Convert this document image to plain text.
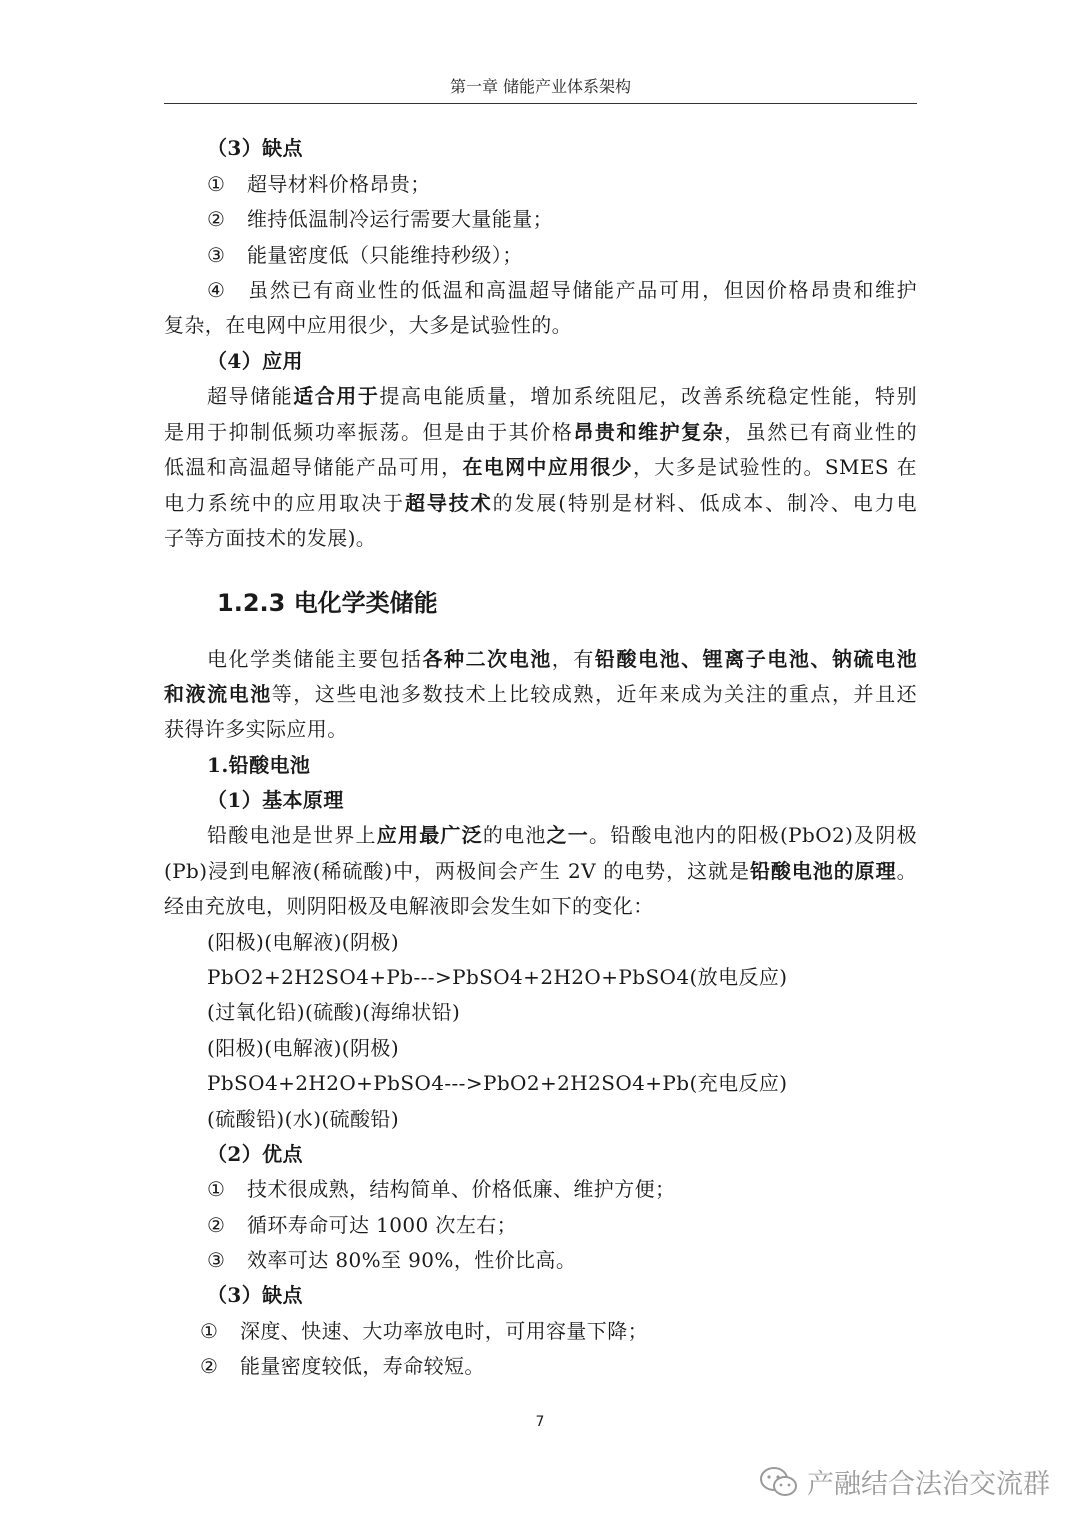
第一章 储能产业体系架构
（3）缺点
① 超导材料价格昂贵；
② 维持低温制冷运行需要大量能量；
③ 能量密度低（只能维持秒级）；
④ 虽然已有商业性的低温和高温超导储能产品可用，但因价格昂贵和维护
复杂，在电网中应用很少，大多是试验性的。
（4）应用
超导储能适合用于提高电能质量，增加系统阻尼，改善系统稳定性能，特别
是用于抑制低频功率振荡。但是由于其价格昂贵和维护复杂，虽然已有商业性的
低温和高温超导储能产品可用，在电网中应用很少，大多是试验性的。SMES 在
电力系统中的应用取决于超导技术的发展(特别是材料、低成本、制冷、电力电
子等方面技术的发展)。
1.2.3 电化学类储能
电化学类储能主要包括各种二次电池，有铅酸电池、锂离子电池、钠硫电池
和液流电池等，这些电池多数技术上比较成熟，近年来成为关注的重点，并且还
获得许多实际应用。
1.铅酸电池
（1）基本原理
铅酸电池是世界上应用最广泛的电池之一。铅酸电池内的阳极(PbO2)及阴极
(Pb)浸到电解液(稀硫酸)中，两极间会产生 2V 的电势，这就是铅酸电池的原理。
经由充放电，则阴阳极及电解液即会发生如下的变化：
(阳极)(电解液)(阴极)
PbO2+2H2SO4+Pb--->PbSO4+2H2O+PbSO4(放电反应)
(过氧化铅)(硫酸)(海绵状铅)
(阳极)(电解液)(阴极)
PbSO4+2H2O+PbSO4--->PbO2+2H2SO4+Pb(充电反应)
(硫酸铅)(水)(硫酸铅)
（2）优点
① 技术很成熟，结构简单、价格低廉、维护方便；
② 循环寿命可达 1000 次左右；
③ 效率可达 80%至 90%，性价比高。
（3）缺点
① 深度、快速、大功率放电时，可用容量下降；
② 能量密度较低，寿命较短。
7
产融结合法治交流群
